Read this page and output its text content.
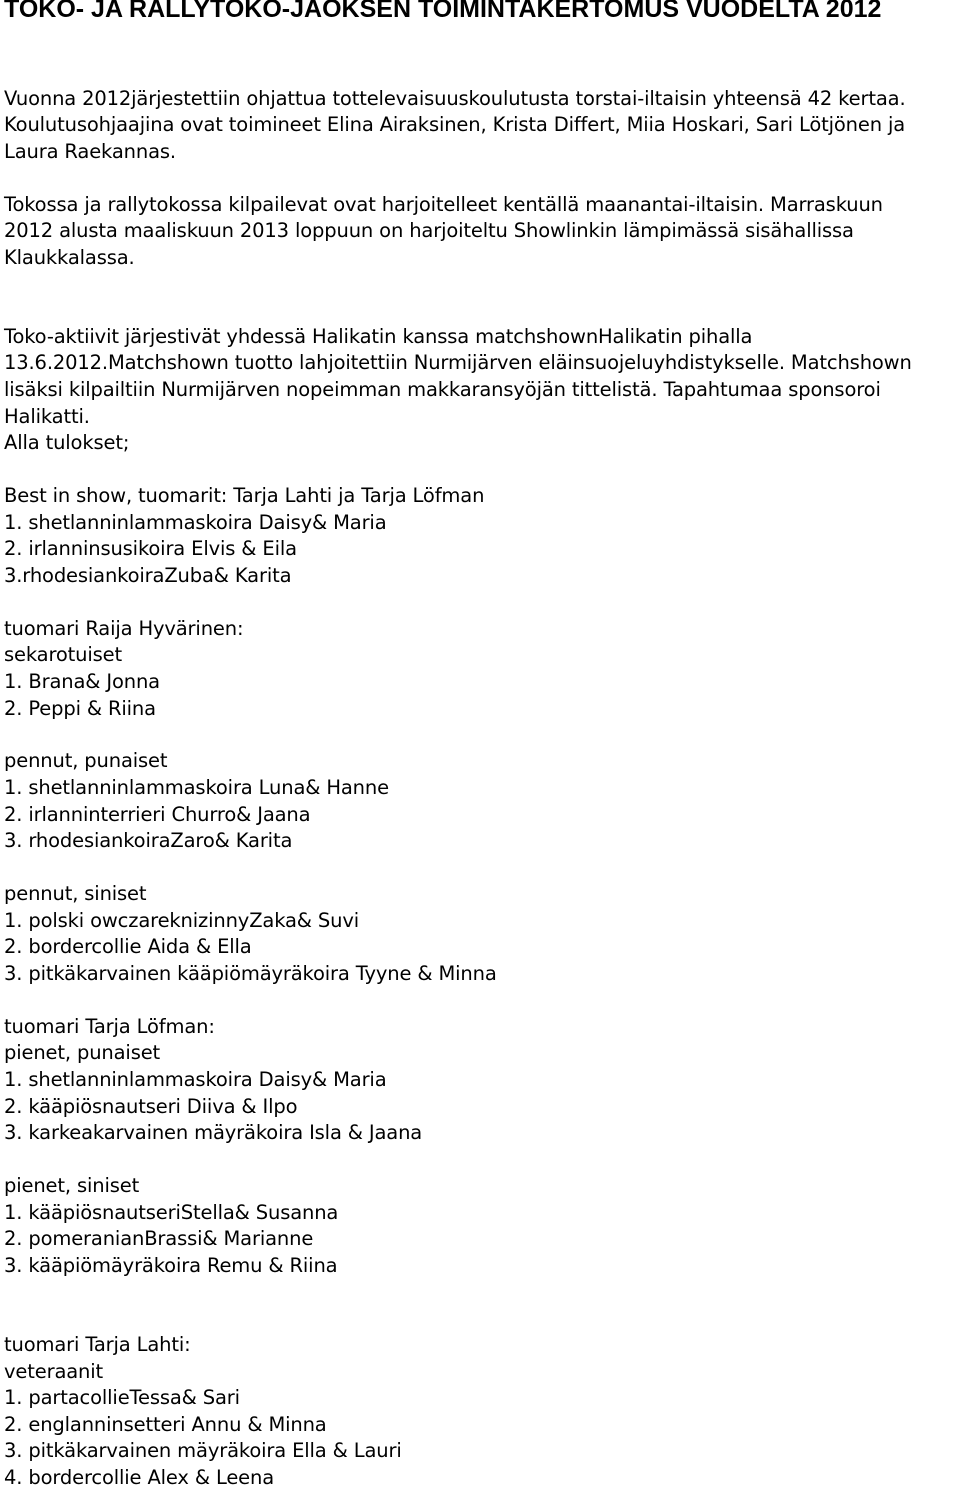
TOKO- JA RALLYTOKO-JAOKSEN TOIMINTAKERTOMUS VUODELTA 2012
Vuonna 2012järjestettiin ohjattua tottelevaisuuskoulutusta torstai-iltaisin yhteensä 42 kertaa.
Koulutusohjaajina ovat toimineet Elina Airaksinen, Krista Differt, Miia Hoskari, Sari Lötjönen ja
Laura Raekannas.
Tokossa ja rallytokossa kilpailevat ovat harjoitelleet kentällä maanantai-iltaisin. Marraskuun
2012 alusta maaliskuun 2013 loppuun on harjoiteltu Showlinkin lämpimässä sisähallissa
Klaukkalassa.
Toko-aktiivit järjestivät yhdessä Halikatin kanssa matchshownHalikatin pihalla
13.6.2012.Matchshown tuotto lahjoitettiin Nurmijärven eläinsuojeluyhdistykselle. Matchshown
lisäksi kilpailtiin Nurmijärven nopeimman makkaransyöjän tittelistä. Tapahtumaa sponsoroi
Halikatti.
Alla tulokset;
Best in show, tuomarit: Tarja Lahti ja Tarja Löfman
1. shetlanninlammaskoira Daisy& Maria
2. irlanninsusikoira Elvis & Eila
3.rhodesiankoiraZuba& Karita
tuomari Raija Hyvärinen:
sekarotuiset
1. Brana& Jonna
2. Peppi & Riina
pennut, punaiset
1. shetlanninlammaskoira Luna& Hanne
2. irlanninterrieri Churro& Jaana
3. rhodesiankoiraZaro& Karita
pennut, siniset
1. polski owczareknizinnyZaka& Suvi
2. bordercollie Aida & Ella
3. pitkäkarvainen kääpiömäyräkoira Tyyne & Minna
tuomari Tarja Löfman:
pienet, punaiset
1. shetlanninlammaskoira Daisy& Maria
2. kääpiösnautseri Diiva & Ilpo
3. karkeakarvainen mäyräkoira Isla & Jaana
pienet, siniset
1. kääpiösnautseriStella& Susanna
2. pomeranianBrassi& Marianne
3. kääpiömäyräkoira Remu & Riina
tuomari Tarja Lahti:
veteraanit
1. partacollieTessa& Sari
2. englanninsetteri Annu & Minna
3. pitkäkarvainen mäyräkoira Ella & Lauri
4. bordercollie Alex & Leena
